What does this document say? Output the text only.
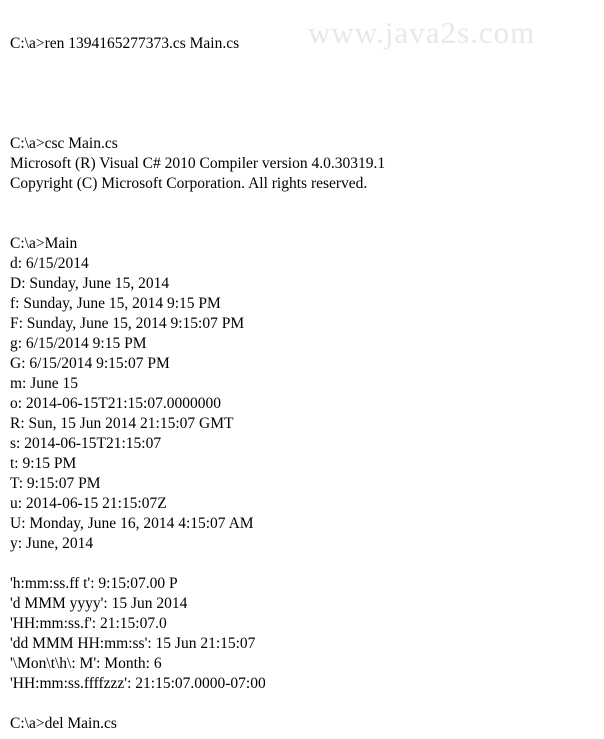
www.java2s.com
C:\a>ren 1394165277373.cs Main.cs
C:\a>csc Main.cs
Microsoft (R) Visual C# 2010 Compiler version 4.0.30319.1
Copyright (C) Microsoft Corporation. All rights reserved.
C:\a>Main
d: 6/15/2014
D: Sunday, June 15, 2014
f: Sunday, June 15, 2014 9:15 PM
F: Sunday, June 15, 2014 9:15:07 PM
g: 6/15/2014 9:15 PM
G: 6/15/2014 9:15:07 PM
m: June 15
o: 2014-06-15T21:15:07.0000000
R: Sun, 15 Jun 2014 21:15:07 GMT
s: 2014-06-15T21:15:07
t: 9:15 PM
T: 9:15:07 PM
u: 2014-06-15 21:15:07Z
U: Monday, June 16, 2014 4:15:07 AM
y: June, 2014
'h:mm:ss.ff t': 9:15:07.00 P
'd MMM yyyy': 15 Jun 2014
'HH:mm:ss.f': 21:15:07.0
'dd MMM HH:mm:ss': 15 Jun 21:15:07
'\Mon\t\h\: M': Month: 6
'HH:mm:ss.ffffzzz': 21:15:07.0000-07:00
C:\a>del Main.cs
